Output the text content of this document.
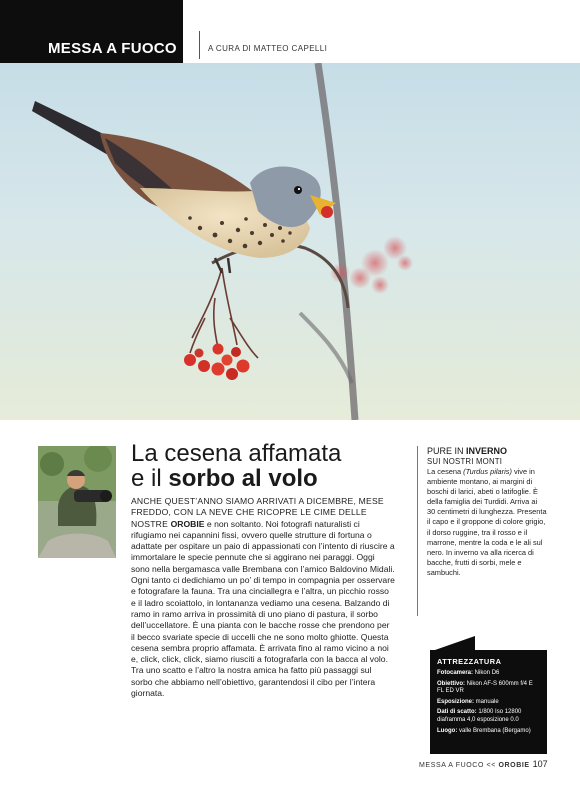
MESSA A FUOCO	A CURA DI MATTEO CAPELLI
La cesena affamata
e il sorbo al volo
ANCHE QUEST’ANNO SIAMO ARRIVATI A DICEMBRE, MESE FREDDO, CON LA NEVE CHE RICOPRE LE CIME DELLE NOSTRE OROBIE e non soltanto. Noi fotografi naturalisti ci rifugiamo nei capannini fissi, ovvero quelle strutture di fortuna o adattate per ospitare un paio di appassionati con l’intento di riuscire a immortalare le specie pennute che si aggirano nei paraggi. Oggi sono nella bergamasca valle Brembana con l’amico Baldovino Midali. Ogni tanto ci dedichiamo un po’ di tempo in compagnia per osservare e fotografare la fauna. Tra una cinciallegra e l’altra, un picchio rosso e il ladro scoiattolo, in lontananza vediamo una cesena. Balzando di ramo in ramo arriva in prossimità di uno piano di pastura, il sorbo dell’uccellatore. È una pianta con le bacche rosse che prendono per il becco svariate specie di uccelli che ne sono molto ghiotte. Questa cesena sembra proprio affamata. È arrivata fino al ramo vicino a noi e, click, click, click, siamo riusciti a fotografarla con la bacca al volo. Tra uno scatto e l’altro la nostra amica ha fatto più passaggi sul sorbo che abbiamo nell’obiettivo, garantendosi il cibo per l’intera giornata.
PURE IN INVERNO
SUI NOSTRI MONTI
La cesena (Turdus pilaris) vive in ambiente montano, ai margini di boschi di larici, abeti o latifoglie. È della famiglia dei Turdidi. Arriva ai 30 centimetri di lunghezza. Presenta il capo e il groppone di colore grigio, il dorso ruggine, tra il rosso e il marrone, mentre la coda e le ali sul nero. In inverno va alla ricerca di bacche, frutti di sorbi, mele e sambuchi.
ATTREZZATURA
Fotocamera: Nikon D6
Obiettivo: Nikon AF-S 600mm f/4 E FL ED VR
Esposizione: manuale
Dati di scatto: 1/800 Iso 12800 diaframma 4,0 esposizione 0.0
Luogo: valle Brembana (Bergamo)
MESSA A FUOCO << OROBIE 107
